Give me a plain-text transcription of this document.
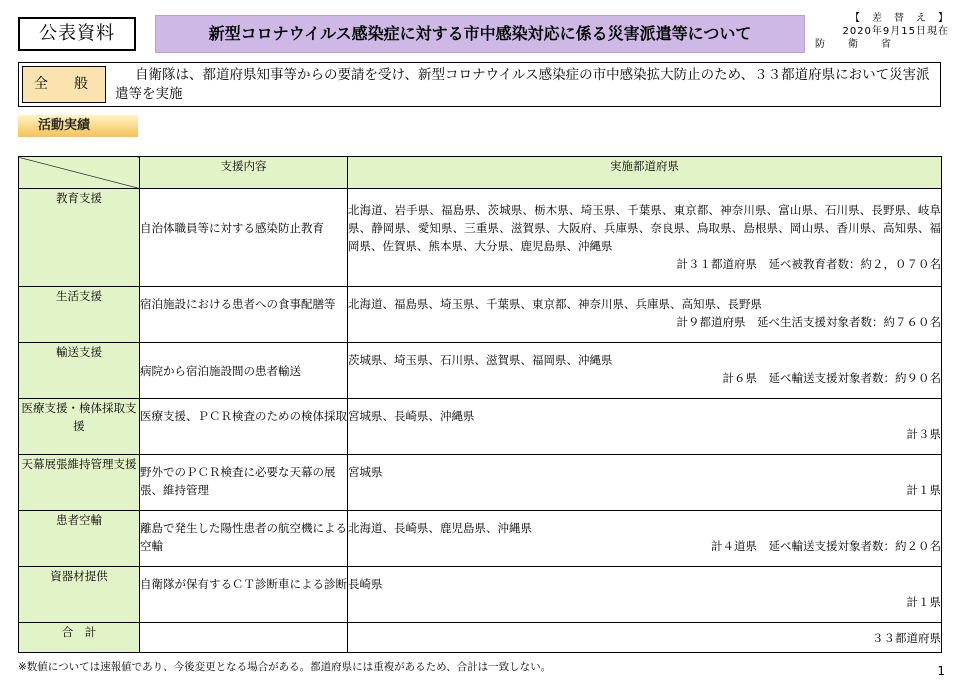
公表資料	新型コロナウイルス感染症に対する市中感染対応に係る災害派遣等について
【　差　替　え　】
2020年9月15日現在
防　　衛　　省
全　般
自衛隊は、都道府県知事等からの要請を受け、新型コロナウイルス感染症の市中感染拡大防止のため、３３都道府県において災害派遣等を実施
活動実績
	支援内容	実施都道府県
教育支援	自治体職員等に対する感染防止教育	北海道、岩手県、福島県、茨城県、栃木県、埼玉県、千葉県、東京都、神奈川県、富山県、石川県、長野県、岐阜県、静岡県、愛知県、三重県、滋賀県、大阪府、兵庫県、奈良県、鳥取県、島根県、岡山県、香川県、高知県、福岡県、佐賀県、熊本県、大分県、鹿児島県、沖縄県
計３１都道府県　延べ被教育者数：約２，０７０名

生活支援	宿泊施設における患者への食事配膳等	北海道、福島県、埼玉県、千葉県、東京都、神奈川県、兵庫県、高知県、長野県
計９都道府県　延べ生活支援対象者数：約７６０名

輸送支援	病院から宿泊施設間の患者輸送	茨城県、埼玉県、石川県、滋賀県、福岡県、沖縄県
計６県　延べ輸送支援対象者数：約９０名

医療支援・検体採取支援	医療支援、ＰＣＲ検査のための検体採取	宮城県、長崎県、沖縄県
計３県

天幕展張維持管理支援	野外でのＰＣＲ検査に必要な天幕の展張、維持管理	宮城県
計１県

患者空輸	離島で発生した陽性患者の航空機による空輸	北海道、長崎県、鹿児島県、沖縄県
計４道県　延べ輸送支援対象者数：約２０名

資器材提供	自衛隊が保有するＣＴ診断車による診断	長崎県
計１県

合　計		３３都道府県
※数値については速報値であり、今後変更となる場合がある。都道府県には重複があるため、合計は一致しない。	1
